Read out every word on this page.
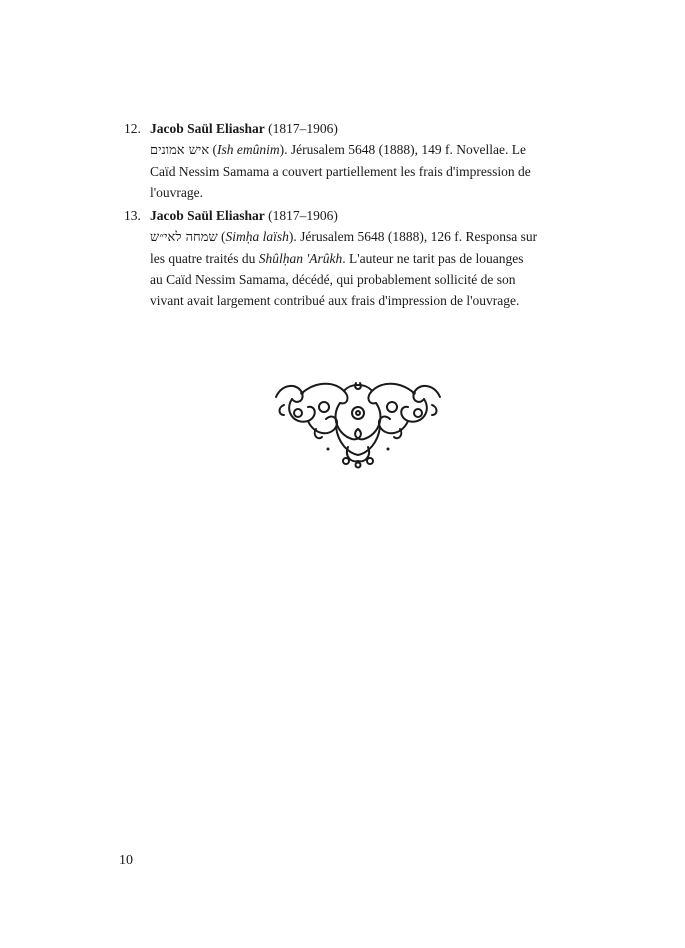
12. Jacob Saül Eliashar (1817–1906)
איש אמונים (Ish emûnim). Jérusalem 5648 (1888), 149 f. Novellae. Le
Caïd Nessim Samama a couvert partiellement les frais d'impression de
l'ouvrage.
13. Jacob Saül Eliashar (1817–1906)
שמחה לאי״ש (Simḥa laïsh). Jérusalem 5648 (1888), 126 f. Responsa sur
les quatre traités du Shûlḥan 'Arûkh. L'auteur ne tarit pas de louanges
au Caïd Nessim Samama, décédé, qui probablement sollicité de son
vivant avait largement contribué aux frais d'impression de l'ouvrage.
10
